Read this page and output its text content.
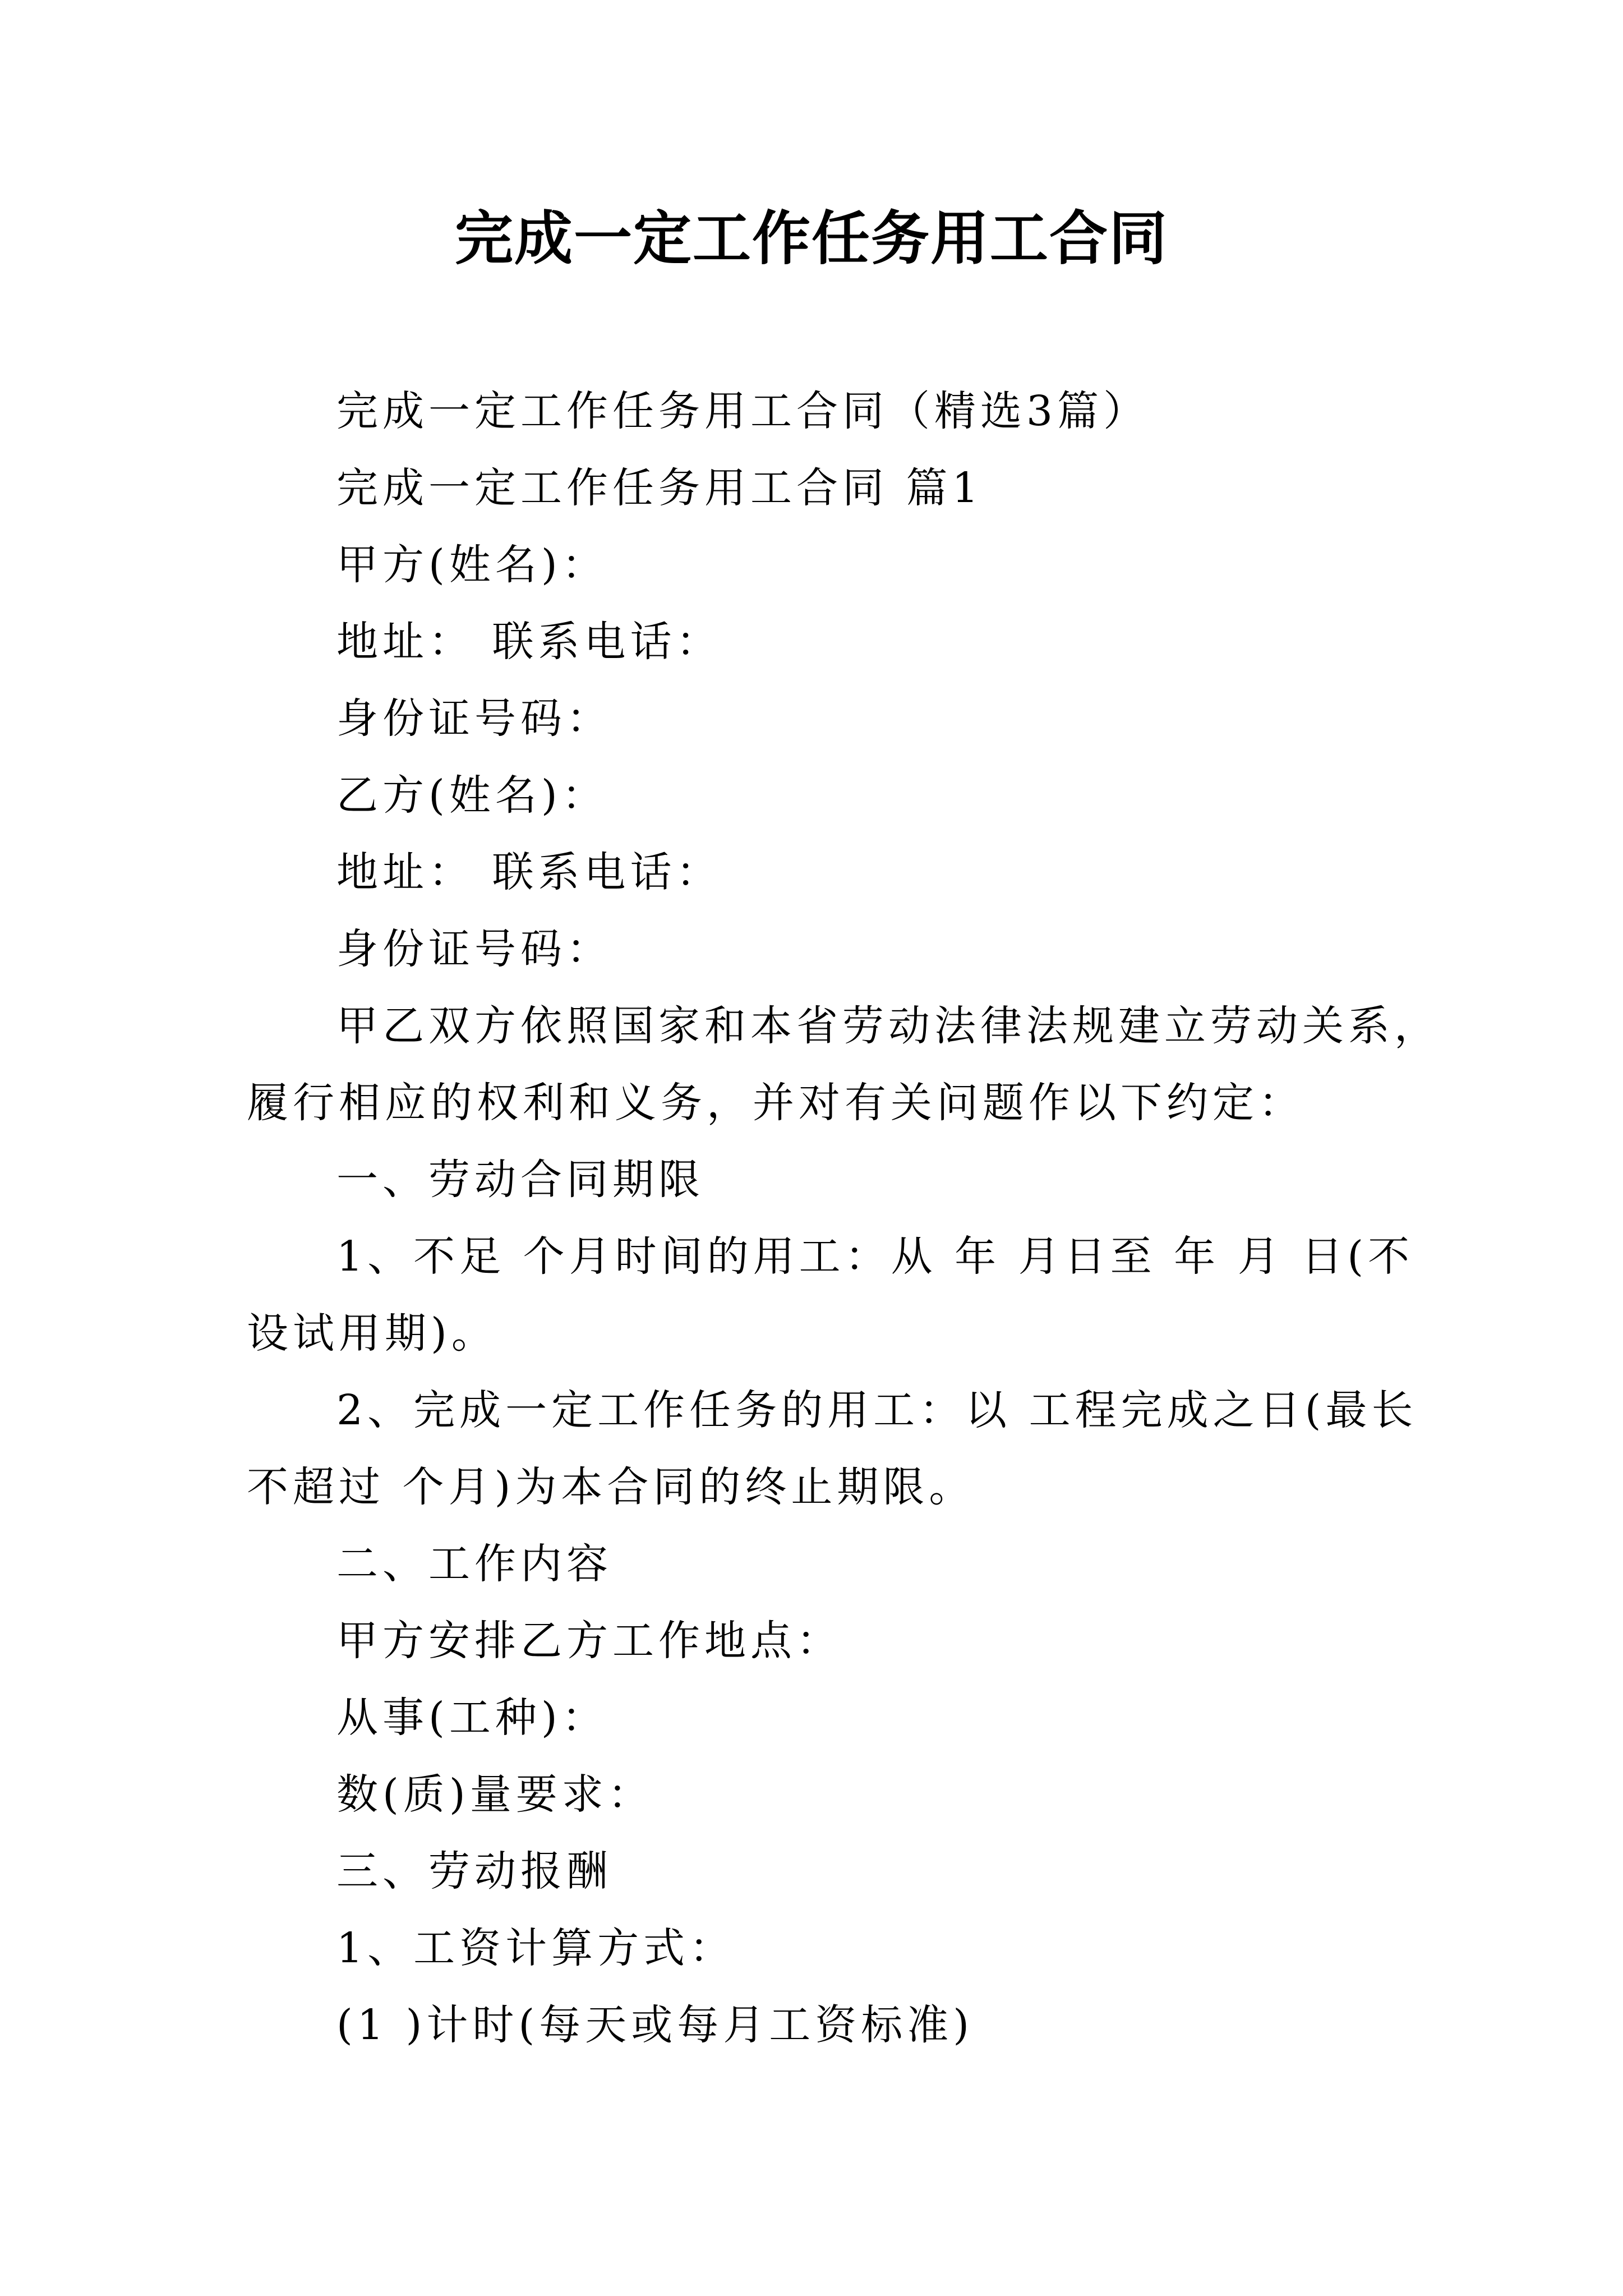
完成一定工作任务用工合同

完成一定工作任务用工合同（精选3篇）

完成一定工作任务用工合同 篇1

甲方(姓名)：

地址： 联系电话：

身份证号码：

乙方(姓名)：

地址： 联系电话：

身份证号码：

甲乙双方依照国家和本省劳动法律法规建立劳动关系，

履行相应的权利和义务，并对有关问题作以下约定：

一、劳动合同期限

1、不足 个月时间的用工：从 年 月日至 年 月 日(不

设试用期)。

2、完成一定工作任务的用工：以 工程完成之日(最长

不超过 个月)为本合同的终止期限。

二、工作内容

甲方安排乙方工作地点：

从事(工种)：

数(质)量要求：

三、劳动报酬

1、工资计算方式：

(1 )计时(每天或每月工资标准)
